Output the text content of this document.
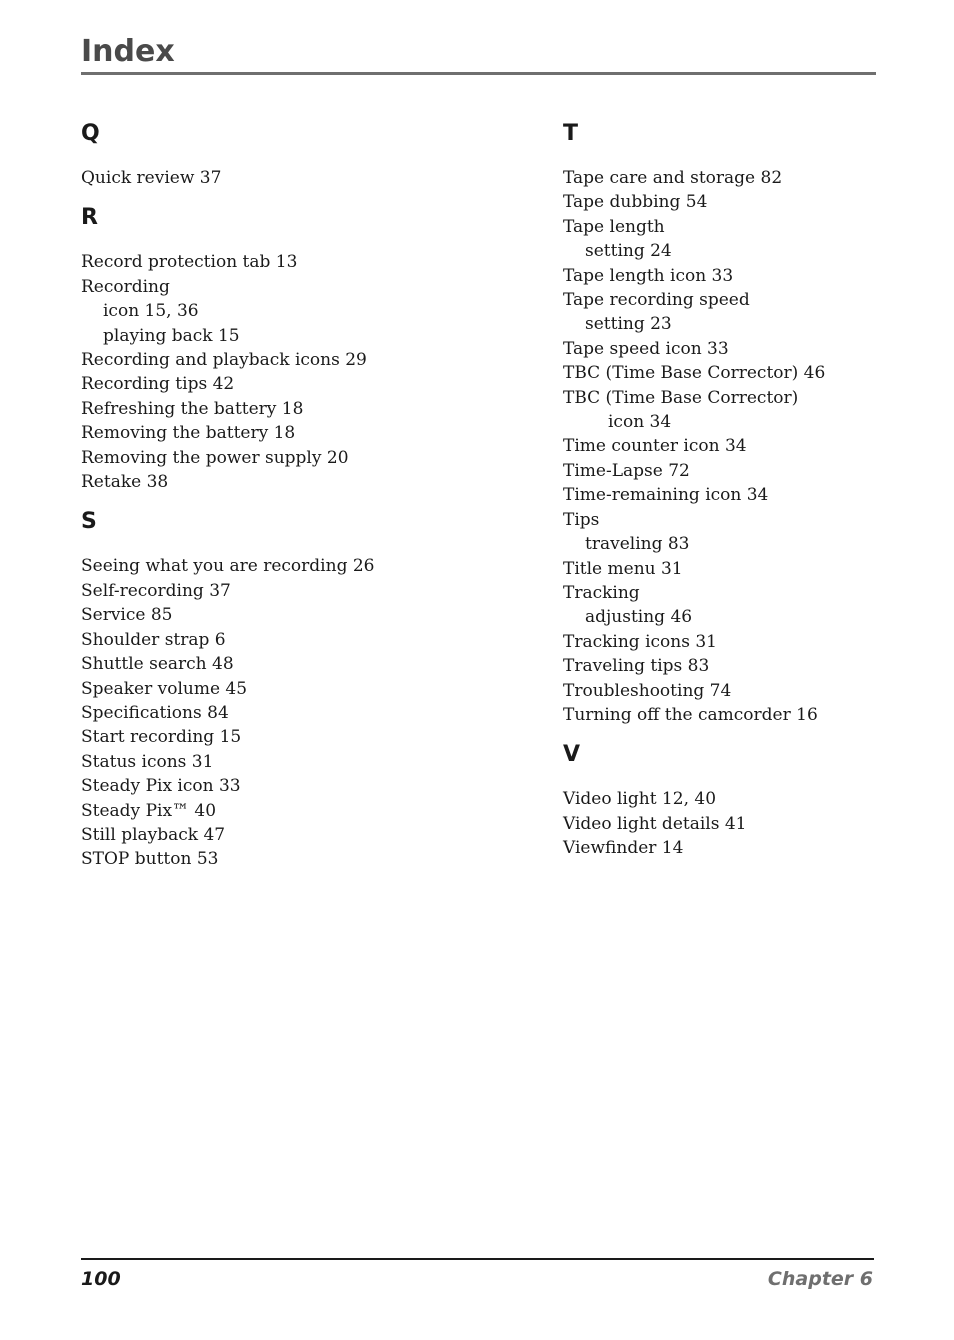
Index
Q
Quick review 37
R
Record protection tab 13
Recording
icon 15, 36
playing back 15
Recording and playback icons 29
Recording tips 42
Refreshing the battery 18
Removing the battery 18
Removing the power supply 20
Retake 38
S
Seeing what you are recording 26
Self-recording 37
Service 85
Shoulder strap 6
Shuttle search 48
Speaker volume 45
Specifications 84
Start recording 15
Status icons 31
Steady Pix icon 33
Steady Pix™ 40
Still playback 47
STOP button 53
T
Tape care and storage 82
Tape dubbing 54
Tape length
setting 24
Tape length icon 33
Tape recording speed
setting 23
Tape speed icon 33
TBC (Time Base Corrector) 46
TBC (Time Base Corrector)
icon 34
Time counter icon 34
Time-Lapse 72
Time-remaining icon 34
Tips
traveling 83
Title menu 31
Tracking
adjusting 46
Tracking icons 31
Traveling tips 83
Troubleshooting 74
Turning off the camcorder 16
V
Video light 12, 40
Video light details 41
Viewfinder 14
100	Chapter 6
